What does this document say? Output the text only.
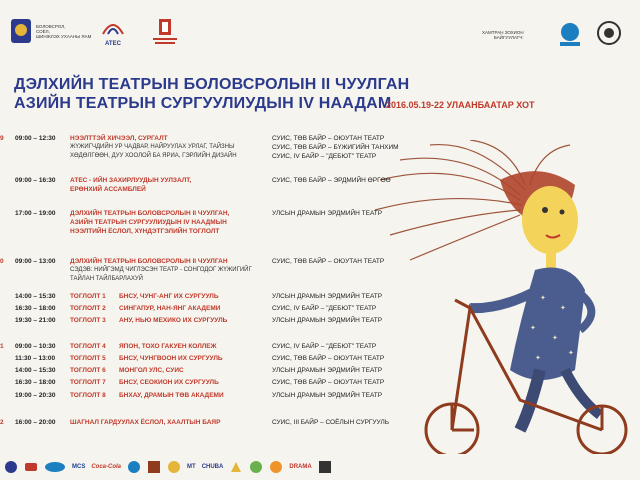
БОЛОВСРОЛ,
СОЁЛ,
ШИНЖЛЭХ УХААНЫ ЯАМ
ATEC
ХАМТРАН ЗОХИОН
БАЙГУУЛАГЧ:
ДЭЛХИЙН ТЕАТРЫН БОЛОВСРОЛЫН II ЧУУЛГАН
АЗИЙН ТЕАТРЫН СУРГУУЛИУДЫН IV НААДАМ
2016.05.19-22 УЛААНБААТАР ХОТ
✦
✦
✦
✦
✦
✦
9	09:00 – 12:30 НЭЭЛТТЭЙ ХИЧЭЭЛ, СУРГАЛТ	СУИС, ТӨВ БАЙР – ОЮУТАН ТЕАТР
ЖҮЖИГЧДИЙН УР ЧАДВАР, НАЙРУУЛАХ УРЛАГ, ТАЙЗНЫ	СУИС, ТӨВ БАЙР – БҮЖИГИЙН ТАНХИМ
ХӨДӨЛГӨӨН, ДУУ ХООЛОЙ БА ЯРИА, ГЭРЛИЙН ДИЗАЙН	СУИС, IV БАЙР – "ДЕБЮТ" ТЕАТР
09:00 – 16:30 АТЕС - ИЙН ЗАХИРЛУУДЫН УУЛЗАЛТ,	СУИС, ТӨВ БАЙР – ЭРДМИЙН ӨРГӨӨ
ЕРӨНХИЙ АССАМБЛЕЙ
17:00 – 19:00 ДЭЛХИЙН ТЕАТРЫН БОЛОВСРОЛЫН II ЧУУЛГАН,	УЛСЫН ДРАМЫН ЭРДМИЙН ТЕАТР
АЗИЙН ТЕАТРЫН СУРГУУЛИУДЫН IV НААДМЫН
НЭЭЛТИЙН ЁСЛОЛ, ХҮНДЭТГЭЛИЙН ТОГЛОЛТ
0	09:00 – 13:00 ДЭЛХИЙН ТЕАТРЫН БОЛОВСРОЛЫН II ЧУУЛГАН	СУИС, ТӨВ БАЙР – ОЮУТАН ТЕАТР
СЭДЭВ: НИЙГЭМД ЧИГЛЭСЭН ТЕАТР - СОНГОДОГ ЖҮЖИГИЙГ
ТАЙЛАН ТАЙЛБАРЛАХУЙ
14:00 – 15:30 ТОГЛОЛТ 1 БНСУ, ЧУНГ-АНГ ИХ СУРГУУЛЬ	УЛСЫН ДРАМЫН ЭРДМИЙН ТЕАТР
16:30 – 18:00 ТОГЛОЛТ 2 СИНГАПУР, НАН-ЯНГ АКАДЕМИ	СУИС, IV БАЙР – "ДЕБЮТ" ТЕАТР
19:30 – 21:00 ТОГЛОЛТ 3 АНУ, НЬЮ МЕХИКО ИХ СУРГУУЛЬ	УЛСЫН ДРАМЫН ЭРДМИЙН ТЕАТР
1	09:00 – 10:30 ТОГЛОЛТ 4 ЯПОН, ТОХО ГАКУЕН КОЛЛЕЖ	СУИС, IV БАЙР – "ДЕБЮТ" ТЕАТР
11:30 – 13:00 ТОГЛОЛТ 5 БНСУ, ЧУНГВООН ИХ СУРГУУЛЬ	СУИС, ТӨВ БАЙР – ОЮУТАН ТЕАТР
14:00 – 15:30 ТОГЛОЛТ 6 МОНГОЛ УЛС, СУИС	УЛСЫН ДРАМЫН ЭРДМИЙН ТЕАТР
16:30 – 18:00 ТОГЛОЛТ 7 БНСУ, СЕОКИОН ИХ СУРГУУЛЬ	СУИС, ТӨВ БАЙР – ОЮУТАН ТЕАТР
19:00 – 20:30 ТОГЛОЛТ 8 БНХАУ, ДРАМЫН ТӨВ АКАДЕМИ	УЛСЫН ДРАМЫН ЭРДМИЙН ТЕАТР
2	16:00 – 20:00 ШАГНАЛ ГАРДУУЛАХ ЁСЛОЛ, ХААЛТЫН БАЯР	СУИС, III БАЙР – СОЁЛЫН СУРГУУЛЬ
MCS Coca-Cola	MT CHUBA	DRAMA
